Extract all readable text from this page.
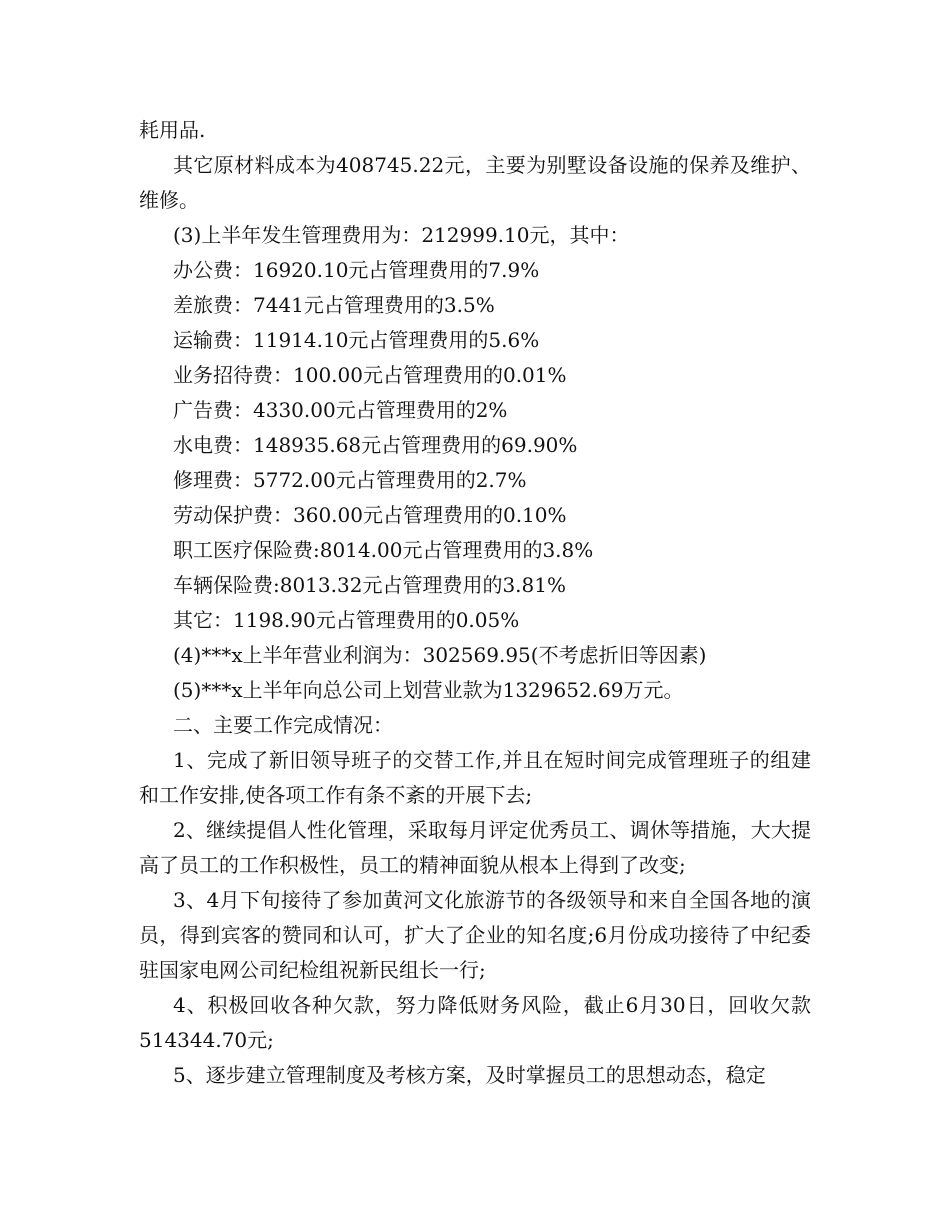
耗用品.

其它原材料成本为408745.22元，主要为别墅设备设施的保养及维护、维修。

(3)上半年发生管理费用为：212999.10元，其中：

办公费：16920.10元占管理费用的7.9%

差旅费：7441元占管理费用的3.5%

运输费：11914.10元占管理费用的5.6%

业务招待费：100.00元占管理费用的0.01%

广告费：4330.00元占管理费用的2%

水电费：148935.68元占管理费用的69.90%

修理费：5772.00元占管理费用的2.7%

劳动保护费：360.00元占管理费用的0.10%

职工医疗保险费:8014.00元占管理费用的3.8%

车辆保险费:8013.32元占管理费用的3.81%

其它：1198.90元占管理费用的0.05%

(4)***x上半年营业利润为：302569.95(不考虑折旧等因素)

(5)***x上半年向总公司上划营业款为1329652.69万元。

二、主要工作完成情况：

1、完成了新旧领导班子的交替工作,并且在短时间完成管理班子的组建和工作安排,使各项工作有条不紊的开展下去;

2、继续提倡人性化管理，采取每月评定优秀员工、调休等措施，大大提高了员工的工作积极性，员工的精神面貌从根本上得到了改变;

3、4月下旬接待了参加黄河文化旅游节的各级领导和来自全国各地的演员，得到宾客的赞同和认可，扩大了企业的知名度;6月份成功接待了中纪委驻国家电网公司纪检组祝新民组长一行;

4、积极回收各种欠款，努力降低财务风险，截止6月30日，回收欠款514344.70元;

5、逐步建立管理制度及考核方案，及时掌握员工的思想动态，稳定
